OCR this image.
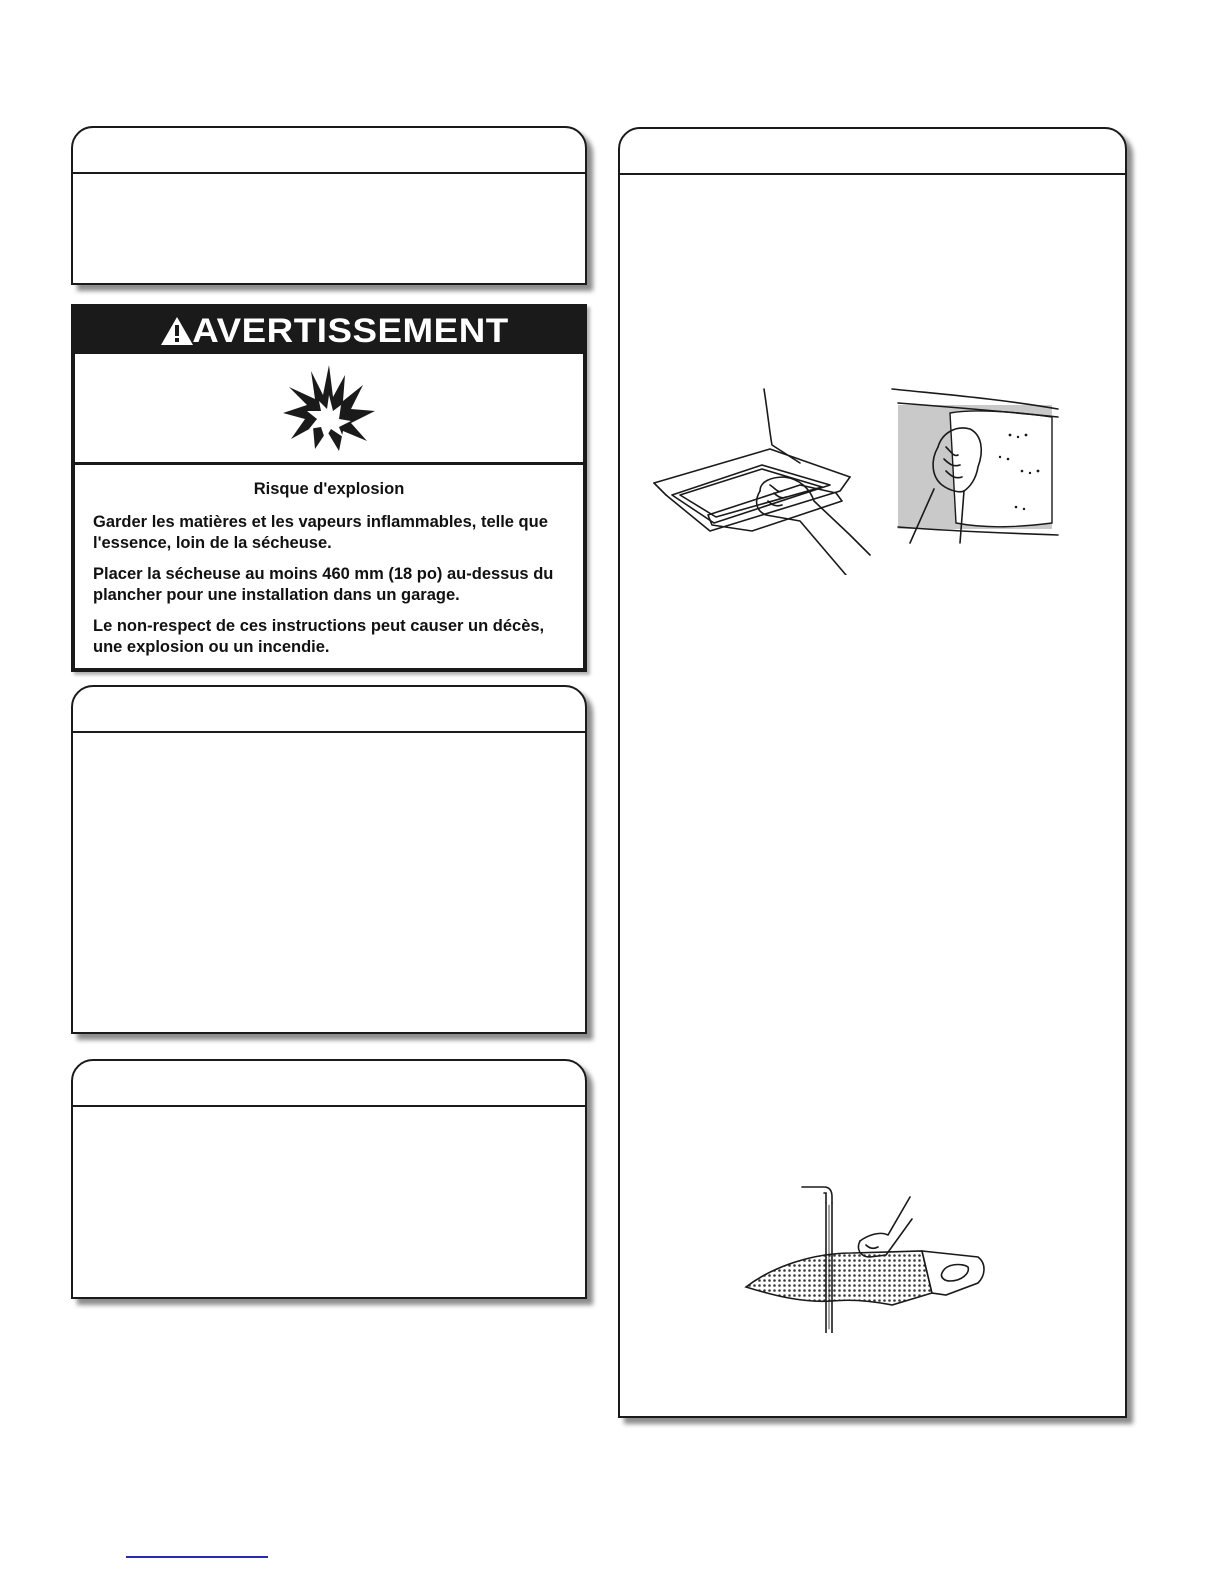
AVERTISSEMENT

Risque d'explosion

Garder les matières et les vapeurs inflammables, telle que l'essence, loin de la sécheuse.

Placer la sécheuse au moins 460 mm (18 po) au-dessus du plancher pour une installation dans un garage.

Le non-respect de ces instructions peut causer un décès, une explosion ou un incendie.
